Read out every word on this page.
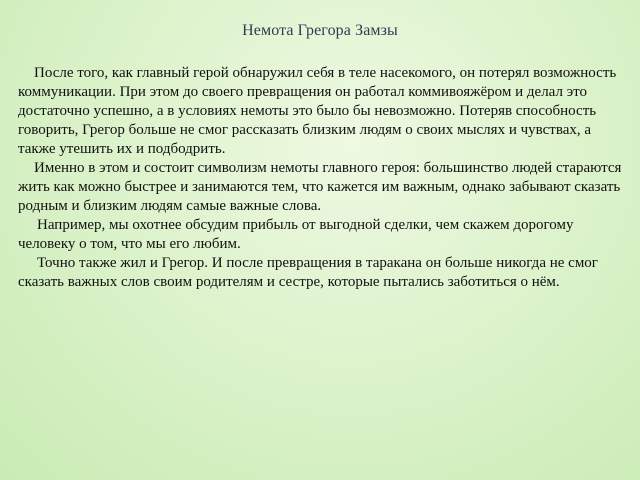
Немота Грегора Замзы

После того, как главный герой обнаружил себя в теле насекомого, он потерял возможность коммуникации. При этом до своего превращения он работал коммивояжёром и делал это достаточно успешно, а в условиях немоты это было бы невозможно. Потеряв способность говорить, Грегор больше не смог рассказать близким людям о своих мыслях и чувствах, а также утешить их и подбодрить.

Именно в этом и состоит символизм немоты главного героя: большинство людей стараются жить как можно быстрее и занимаются тем, что кажется им важным, однако забывают сказать родным и близким людям самые важные слова.

Например, мы охотнее обсудим прибыль от выгодной сделки, чем скажем дорогому человеку о том, что мы его любим.

Точно также жил и Грегор. И после превращения в таракана он больше никогда не смог сказать важных слов своим родителям и сестре, которые пытались заботиться о нём.
